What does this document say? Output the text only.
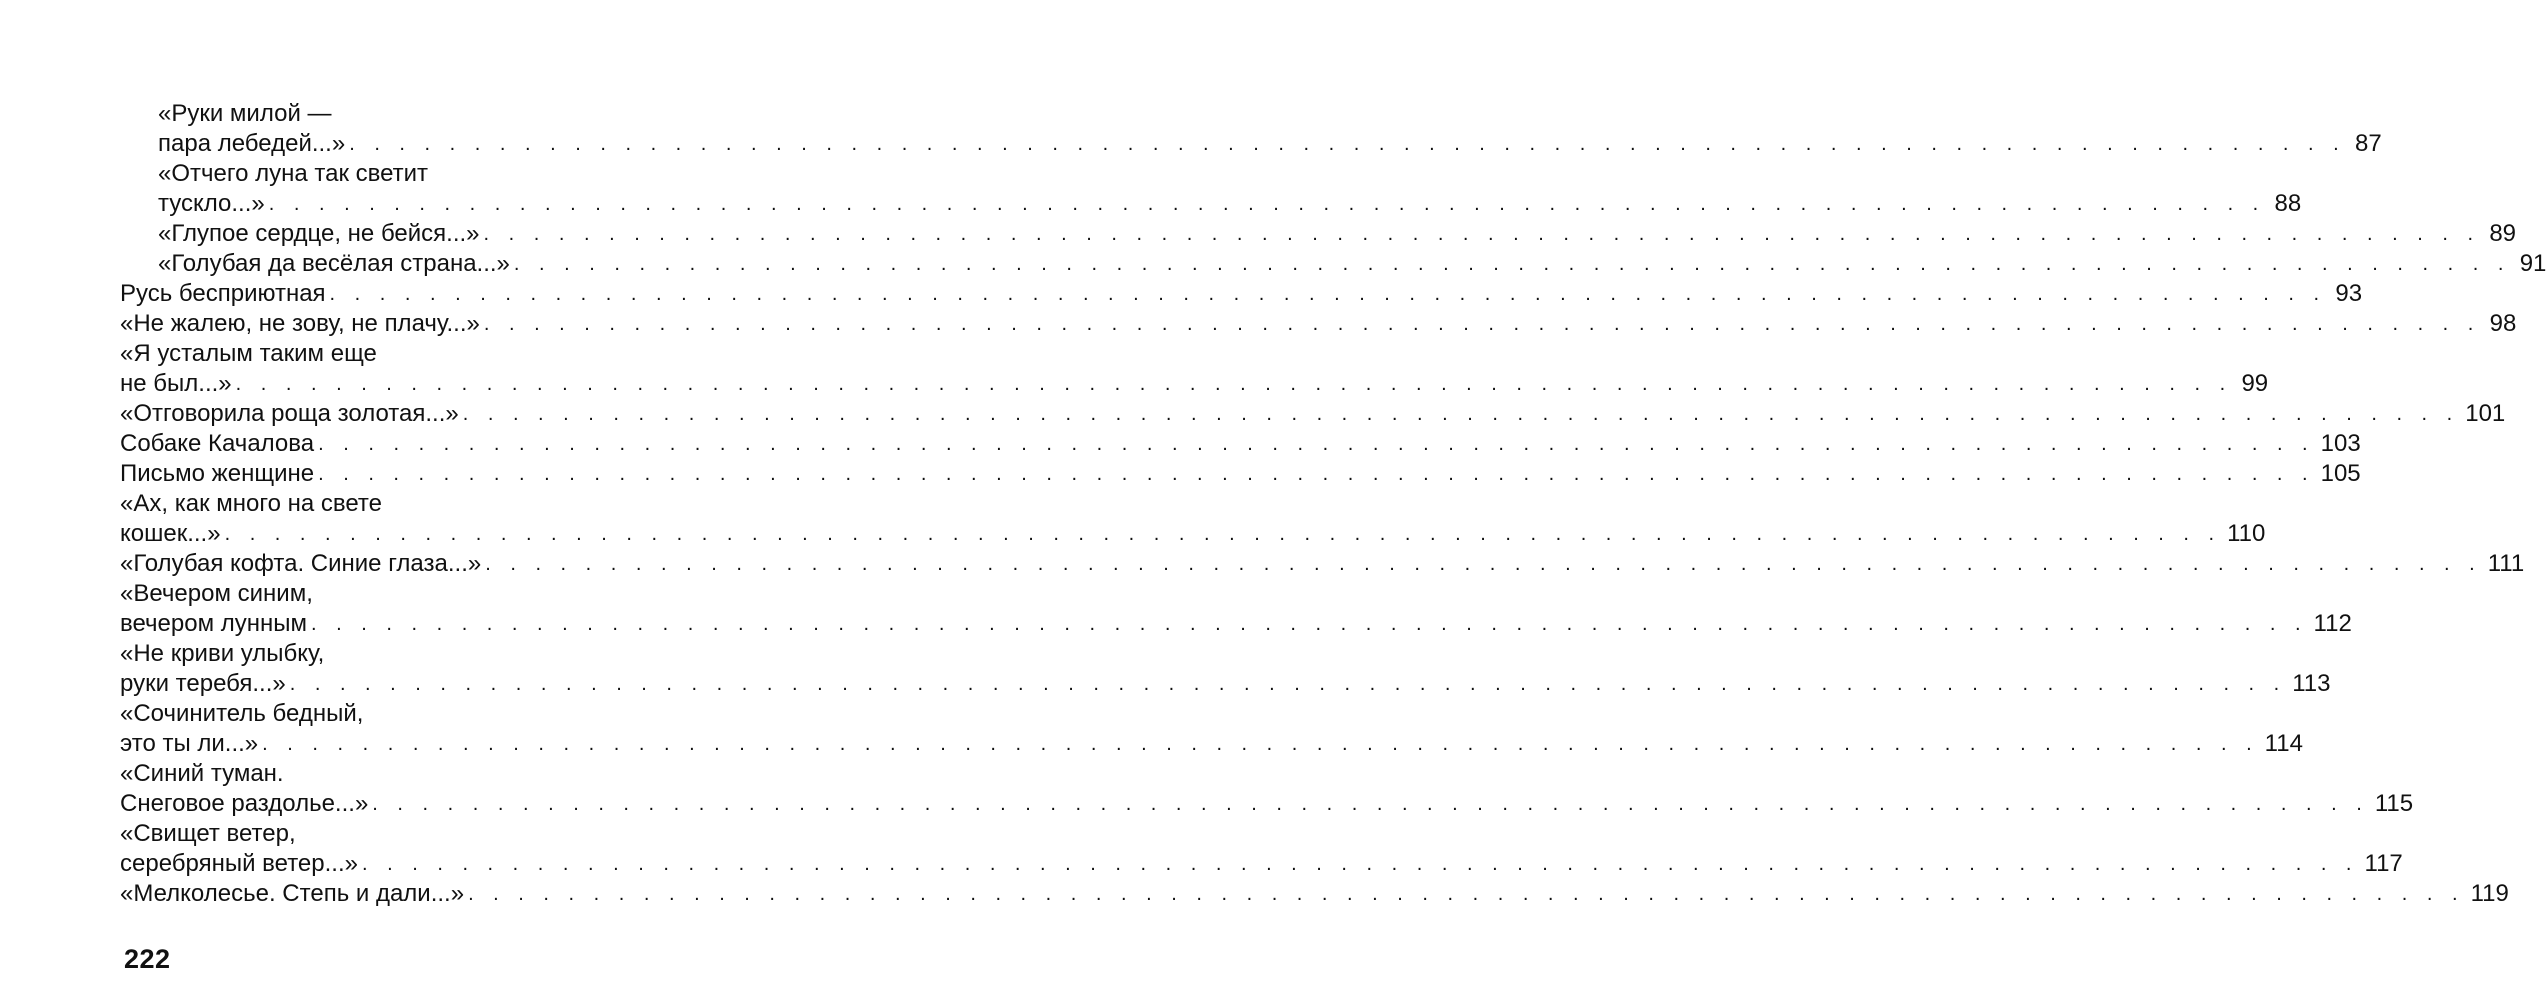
«Руки милой —
пара лебедей...» . . . . . . . . . . . . . . . . . . . . . . . . . . . . . . . . . . . . . . . . . . . . . . . . . . . . . . . . . . . . . . . . . . . . . . . . . . . . . . . . 87
«Отчего луна так светит
тускло...» . . . . . . . . . . . . . . . . . . . . . . . . . . . . . . . . . . . . . . . . . . . . . . . . . . . . . . . . . . . . . . . . . . . . . . . . . . . . . . . . 88
«Глупое сердце, не бейся...» . . . . . . . . . . . . . . . . . . . . . . . . . . . . . . . . . . . . . . . . . . . . . . . . . . . . . . . . . . . . . . . . . . . . . . . . . . . . . . . . 89
«Голубая да весёлая страна...» . . . . . . . . . . . . . . . . . . . . . . . . . . . . . . . . . . . . . . . . . . . . . . . . . . . . . . . . . . . . . . . . . . . . . . . . . . . . . . . . 91
Русь бесприютная . . . . . . . . . . . . . . . . . . . . . . . . . . . . . . . . . . . . . . . . . . . . . . . . . . . . . . . . . . . . . . . . . . . . . . . . . . . . . . . . 93
«Не жалею, не зову, не плачу...» . . . . . . . . . . . . . . . . . . . . . . . . . . . . . . . . . . . . . . . . . . . . . . . . . . . . . . . . . . . . . . . . . . . . . . . . . . . . . . . . 98
«Я усталым таким еще
не был...» . . . . . . . . . . . . . . . . . . . . . . . . . . . . . . . . . . . . . . . . . . . . . . . . . . . . . . . . . . . . . . . . . . . . . . . . . . . . . . . . 99
«Отговорила роща золотая...» . . . . . . . . . . . . . . . . . . . . . . . . . . . . . . . . . . . . . . . . . . . . . . . . . . . . . . . . . . . . . . . . . . . . . . . . . . . . . . . . 101
Собаке Качалова . . . . . . . . . . . . . . . . . . . . . . . . . . . . . . . . . . . . . . . . . . . . . . . . . . . . . . . . . . . . . . . . . . . . . . . . . . . . . . . . 103
Письмо женщине . . . . . . . . . . . . . . . . . . . . . . . . . . . . . . . . . . . . . . . . . . . . . . . . . . . . . . . . . . . . . . . . . . . . . . . . . . . . . . . . 105
«Ах, как много на свете
кошек...» . . . . . . . . . . . . . . . . . . . . . . . . . . . . . . . . . . . . . . . . . . . . . . . . . . . . . . . . . . . . . . . . . . . . . . . . . . . . . . . . 110
«Голубая кофта. Синие глаза...» . . . . . . . . . . . . . . . . . . . . . . . . . . . . . . . . . . . . . . . . . . . . . . . . . . . . . . . . . . . . . . . . . . . . . . . . . . . . . . . . 111
«Вечером синим,
вечером лунным . . . . . . . . . . . . . . . . . . . . . . . . . . . . . . . . . . . . . . . . . . . . . . . . . . . . . . . . . . . . . . . . . . . . . . . . . . . . . . . . 112
«Не криви улыбку,
руки теребя...» . . . . . . . . . . . . . . . . . . . . . . . . . . . . . . . . . . . . . . . . . . . . . . . . . . . . . . . . . . . . . . . . . . . . . . . . . . . . . . . . 113
«Сочинитель бедный,
это ты ли...» . . . . . . . . . . . . . . . . . . . . . . . . . . . . . . . . . . . . . . . . . . . . . . . . . . . . . . . . . . . . . . . . . . . . . . . . . . . . . . . . 114
«Синий туман.
Снеговое раздолье...» . . . . . . . . . . . . . . . . . . . . . . . . . . . . . . . . . . . . . . . . . . . . . . . . . . . . . . . . . . . . . . . . . . . . . . . . . . . . . . . . 115
«Свищет ветер,
серебряный ветер...» . . . . . . . . . . . . . . . . . . . . . . . . . . . . . . . . . . . . . . . . . . . . . . . . . . . . . . . . . . . . . . . . . . . . . . . . . . . . . . . . 117
«Мелколесье. Степь и дали...» . . . . . . . . . . . . . . . . . . . . . . . . . . . . . . . . . . . . . . . . . . . . . . . . . . . . . . . . . . . . . . . . . . . . . . . . . . . . . . . . 119
222
